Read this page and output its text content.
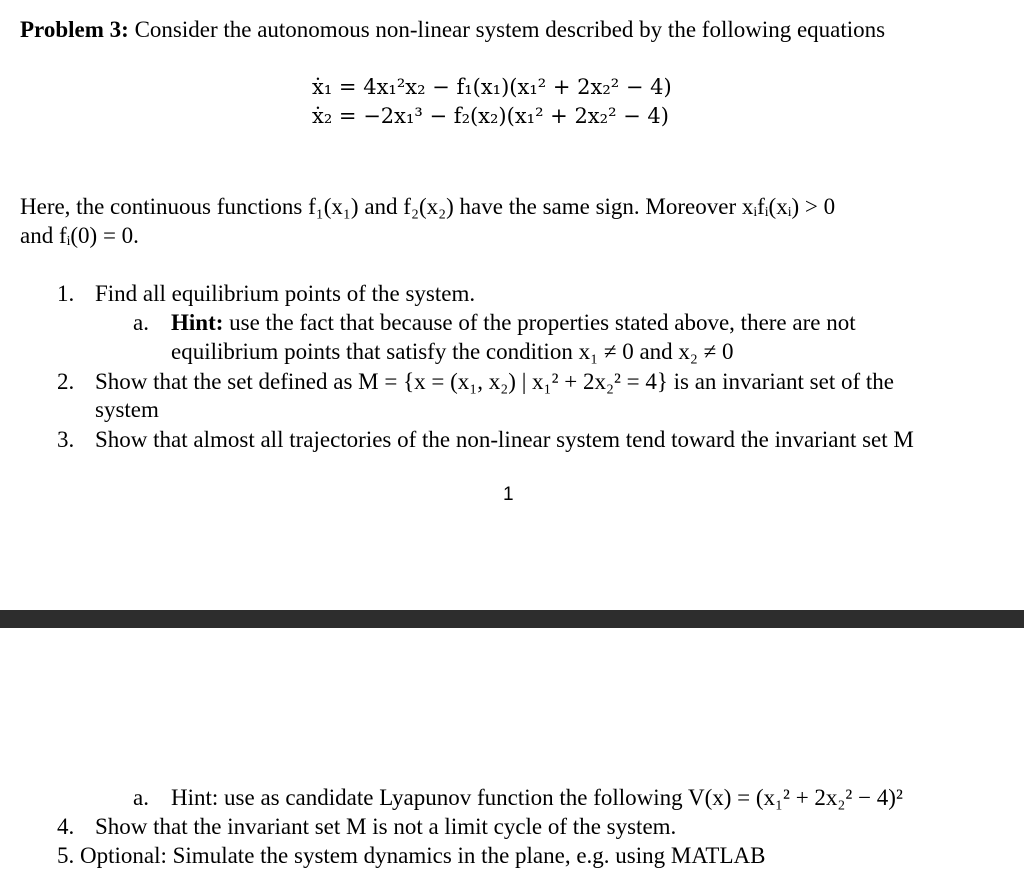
Problem 3: Consider the autonomous non-linear system described by the following equations
ẋ₁ = 4x₁²x₂ − f₁(x₁)(x₁² + 2x₂² − 4)
ẋ₂ = −2x₁³ − f₂(x₂)(x₁² + 2x₂² − 4)
Here, the continuous functions f₁(x₁) and f₂(x₂) have the same sign. Moreover xᵢfᵢ(xᵢ) > 0
and fᵢ(0) = 0.
1. Find all equilibrium points of the system.
a. Hint: use the fact that because of the properties stated above, there are not
equilibrium points that satisfy the condition x₁ ≠ 0 and x₂ ≠ 0
2. Show that the set defined as M = {x = (x₁, x₂) | x₁² + 2x₂² = 4} is an invariant set of the
system
3. Show that almost all trajectories of the non-linear system tend toward the invariant set M
1
a. Hint: use as candidate Lyapunov function the following V(x) = (x₁² + 2x₂² − 4)²
4. Show that the invariant set M is not a limit cycle of the system.
5. Optional: Simulate the system dynamics in the plane, e.g. using MATLAB
